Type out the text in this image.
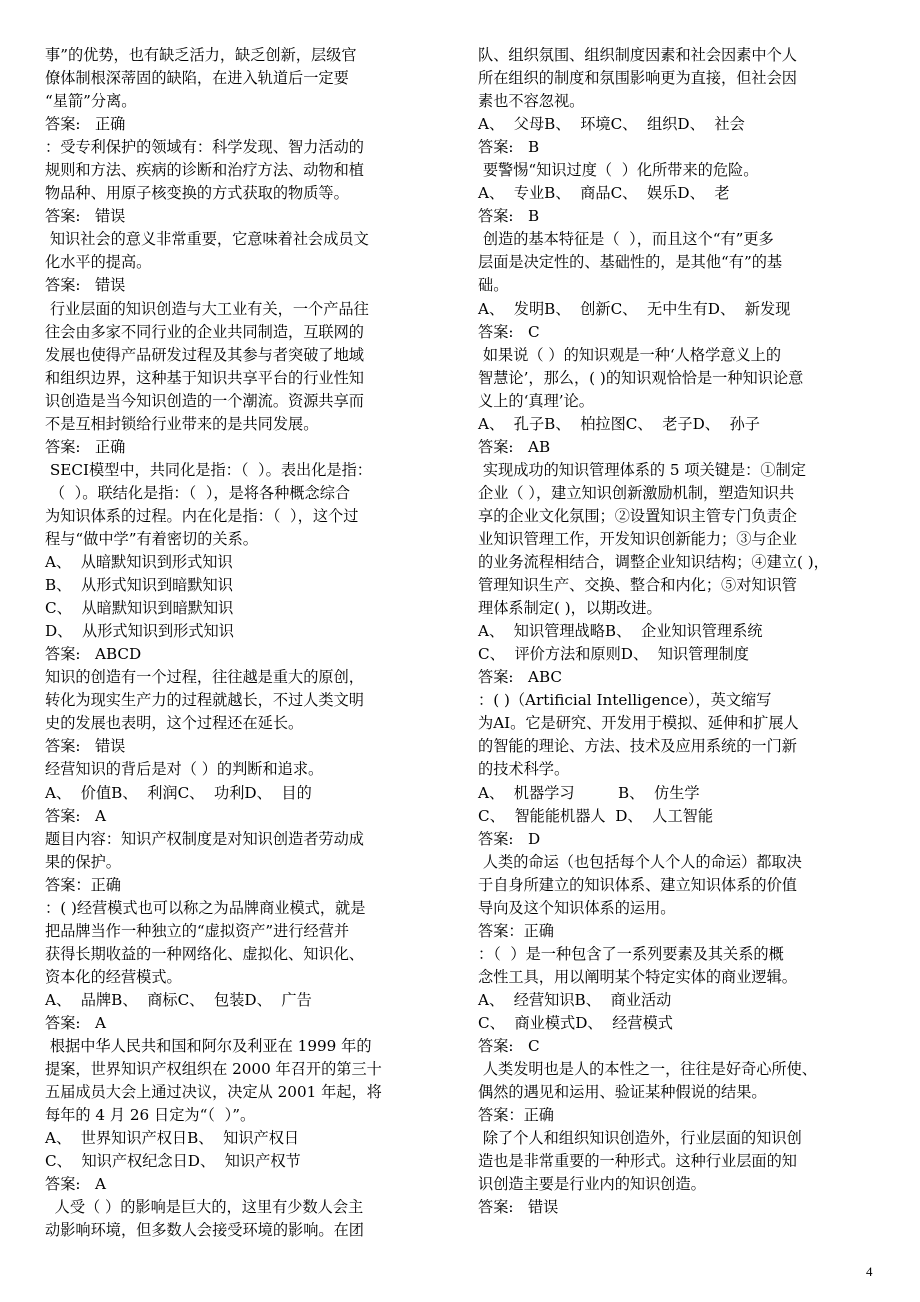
事”的优势，也有缺乏活力，缺乏创新，层级官
僚体制根深蒂固的缺陷，在进入轨道后一定要
“星箭”分离。
答案:   正确
：受专利保护的领域有：科学发现、智力活动的
规则和方法、疾病的诊断和治疗方法、动物和植
物品种、用原子核变换的方式获取的物质等。
答案:   错误
知识社会的意义非常重要，它意味着社会成员文
化水平的提高。
答案:   错误
行业层面的知识创造与大工业有关，一个产品往
往会由多家不同行业的企业共同制造，互联网的
发展也使得产品研发过程及其参与者突破了地域
和组织边界，这种基于知识共享平台的行业性知
识创造是当今知识创造的一个潮流。资源共享而
不是互相封锁给行业带来的是共同发展。
答案:   正确
SECI模型中，共同化是指：（  ）。表出化是指：
（  ）。联结化是指：（  ），是将各种概念综合
为知识体系的过程。内在化是指：（  ），这个过
程与“做中学”有着密切的关系。
A、  从暗默知识到形式知识
B、  从形式知识到暗默知识
C、  从暗默知识到暗默知识
D、  从形式知识到形式知识
答案:   ABCD
知识的创造有一个过程，往往越是重大的原创，
转化为现实生产力的过程就越长，不过人类文明
史的发展也表明，这个过程还在延长。
答案:   错误
经营知识的背后是对（ ）的判断和追求。
A、  价值B、  利润C、  功利D、  目的
答案:   A
题目内容：知识产权制度是对知识创造者劳动成
果的保护。
答案：正确
：( )经营模式也可以称之为品牌商业模式，就是
把品牌当作一种独立的“虚拟资产”进行经营并
获得长期收益的一种网络化、虚拟化、知识化、
资本化的经营模式。
A、  品牌B、  商标C、  包装D、  广告
答案:   A
根据中华人民共和国和阿尔及利亚在 1999 年的
提案，世界知识产权组织在 2000 年召开的第三十
五届成员大会上通过决议，决定从 2001 年起，将
每年的 4 月 26 日定为“（  ）”。
A、  世界知识产权日B、  知识产权日
C、  知识产权纪念日D、  知识产权节
答案:   A
人受（ ）的影响是巨大的，这里有少数人会主
动影响环境，但多数人会接受环境的影响。在团
队、组织氛围、组织制度因素和社会因素中个人
所在组织的制度和氛围影响更为直接，但社会因
素也不容忽视。
A、  父母B、  环境C、  组织D、  社会
答案:   B
要警惕“知识过度（  ）化所带来的危险。
A、  专业B、  商品C、  娱乐D、  老
答案:   B
创造的基本特征是（  ），而且这个“有”更多
层面是决定性的、基础性的，是其他“有”的基
础。
A、  发明B、  创新C、  无中生有D、  新发现
答案:   C
如果说（ ）的知识观是一种‘人格学意义上的
智慧论’，那么，( )的知识观恰恰是一种知识论意
义上的‘真理’论。
A、  孔子B、  柏拉图C、  老子D、  孙子
答案:   AB
实现成功的知识管理体系的 5 项关键是：①制定
企业（ ），建立知识创新激励机制，塑造知识共
享的企业文化氛围；②设置知识主管专门负责企
业知识管理工作，开发知识创新能力；③与企业
的业务流程相结合，调整企业知识结构；④建立( )，
管理知识生产、交换、整合和内化；⑤对知识管
理体系制定( )，以期改进。
A、  知识管理战略B、  企业知识管理系统
C、  评价方法和原则D、  知识管理制度
答案:   ABC
：( )（Artificial Intelligence），英文缩写
为AI。它是研究、开发用于模拟、延伸和扩展人
的智能的理论、方法、技术及应用系统的一门新
的技术科学。
A、  机器学习         B、  仿生学
C、  智能能机器人  D、  人工智能
答案:   D
人类的命运（也包括每个人个人的命运）都取决
于自身所建立的知识体系、建立知识体系的价值
导向及这个知识体系的运用。
答案：正确
：（  ）是一种包含了一系列要素及其关系的概
念性工具，用以阐明某个特定实体的商业逻辑。
A、  经营知识B、  商业活动
C、  商业模式D、  经营模式
答案:   C
人类发明也是人的本性之一，往往是好奇心所使、
偶然的遇见和运用、验证某种假说的结果。
答案：正确
除了个人和组织知识创造外，行业层面的知识创
造也是非常重要的一种形式。这种行业层面的知
识创造主要是行业内的知识创造。
答案:   错误
4
